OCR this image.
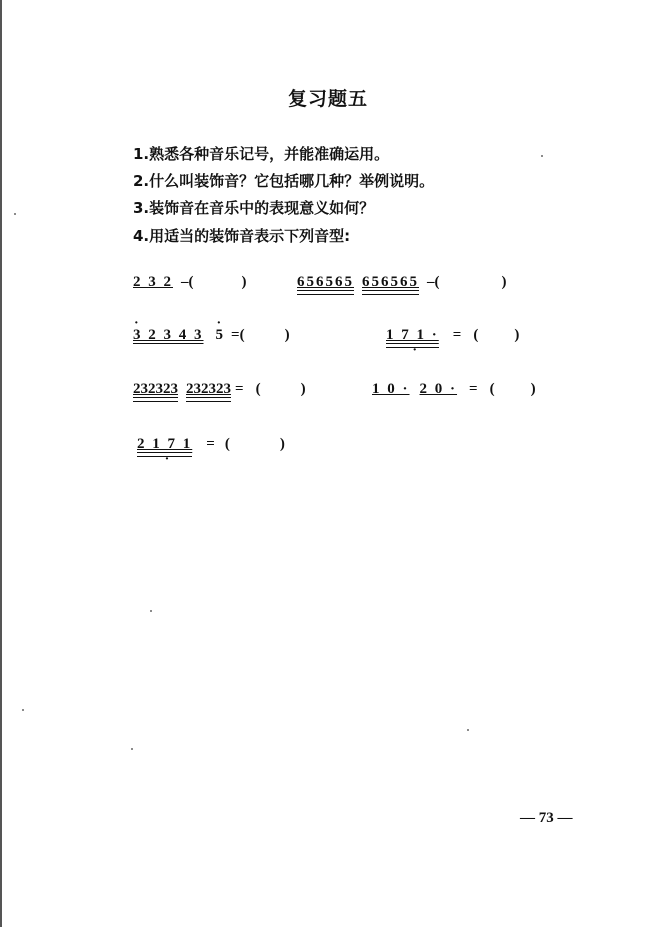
复习题五
1.熟悉各种音乐记号，并能准确运用。
2.什么叫装饰音？它包括哪几种？举例说明。
3.装饰音在音乐中的表现意义如何？
4.用适当的装饰音表示下列音型:
2 3 2 – (	)	656565 656565 – (	)
· 3 2 3 4 3
· 5 = (	)	1 7 1 · · = ( )
232323 232323 = (	)	1 0 · 2 0 · = ( )
2 1 7 1 · = (	)
— 73 —
